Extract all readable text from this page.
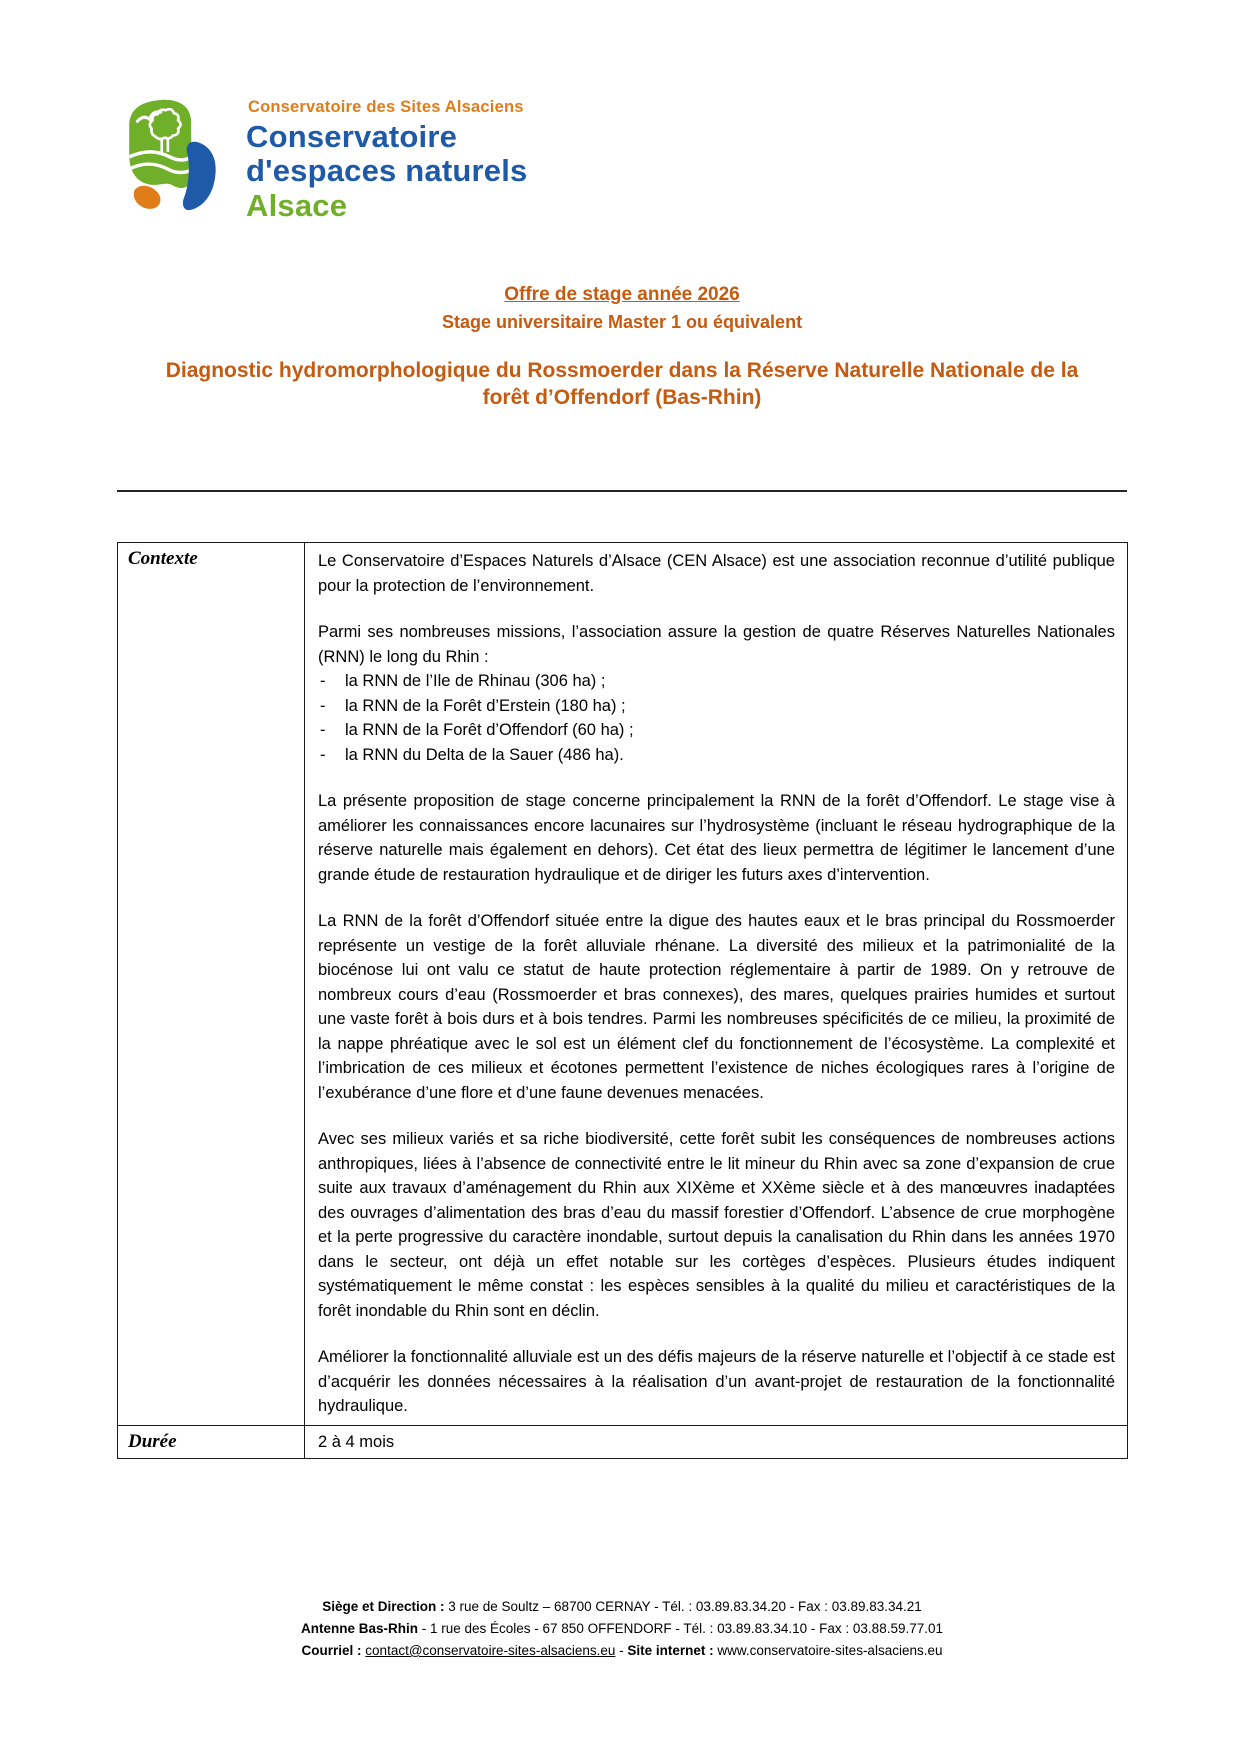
Conservatoire des Sites Alsaciens
Conservatoire
d'espaces naturels
Alsace

Offre de stage année 2026

Stage universitaire Master 1 ou équivalent

Diagnostic hydromorphologique du Rossmoerder dans la Réserve Naturelle Nationale de la forêt d’Offendorf (Bas-Rhin)
Contexte	Le Conservatoire d’Espaces Naturels d’Alsace (CEN Alsace) est une association reconnue d’utilité publique pour la protection de l’environnement.

Parmi ses nombreuses missions, l’association assure la gestion de quatre Réserves Naturelles Nationales (RNN) le long du Rhin :

-	la RNN de l’Ile de Rhinau (306 ha) ;
-	la RNN de la Forêt d’Erstein (180 ha) ;
-	la RNN de la Forêt d’Offendorf (60 ha) ;
-	la RNN du Delta de la Sauer (486 ha).

La présente proposition de stage concerne principalement la RNN de la forêt d’Offendorf. Le stage vise à améliorer les connaissances encore lacunaires sur l’hydrosystème (incluant le réseau hydrographique de la réserve naturelle mais également en dehors). Cet état des lieux permettra de légitimer le lancement d’une grande étude de restauration hydraulique et de diriger les futurs axes d’intervention.

La RNN de la forêt d’Offendorf située entre la digue des hautes eaux et le bras principal du Rossmoerder représente un vestige de la forêt alluviale rhénane. La diversité des milieux et la patrimonialité de la biocénose lui ont valu ce statut de haute protection réglementaire à partir de 1989. On y retrouve de nombreux cours d’eau (Rossmoerder et bras connexes), des mares, quelques prairies humides et surtout une vaste forêt à bois durs et à bois tendres. Parmi les nombreuses spécificités de ce milieu, la proximité de la nappe phréatique avec le sol est un élément clef du fonctionnement de l’écosystème. La complexité et l’imbrication de ces milieux et écotones permettent l’existence de niches écologiques rares à l’origine de l’exubérance d’une flore et d’une faune devenues menacées.

Avec ses milieux variés et sa riche biodiversité, cette forêt subit les conséquences de nombreuses actions anthropiques, liées à l’absence de connectivité entre le lit mineur du Rhin avec sa zone d’expansion de crue suite aux travaux d’aménagement du Rhin aux XIXème et XXème siècle et à des manœuvres inadaptées des ouvrages d’alimentation des bras d’eau du massif forestier d’Offendorf. L’absence de crue morphogène et la perte progressive du caractère inondable, surtout depuis la canalisation du Rhin dans les années 1970 dans le secteur, ont déjà un effet notable sur les cortèges d’espèces. Plusieurs études indiquent systématiquement le même constat : les espèces sensibles à la qualité du milieu et caractéristiques de la forêt inondable du Rhin sont en déclin.

Améliorer la fonctionnalité alluviale est un des défis majeurs de la réserve naturelle et l’objectif à ce stade est d’acquérir les données nécessaires à la réalisation d’un avant-projet de restauration de la fonctionnalité hydraulique.

Durée	2 à 4 mois
Siège et Direction : 3 rue de Soultz – 68700 CERNAY - Tél. : 03.89.83.34.20 - Fax : 03.89.83.34.21
Antenne Bas-Rhin - 1 rue des Écoles - 67 850 OFFENDORF - Tél. : 03.89.83.34.10 - Fax : 03.88.59.77.01
Courriel : contact@conservatoire-sites-alsaciens.eu - Site internet : www.conservatoire-sites-alsaciens.eu
